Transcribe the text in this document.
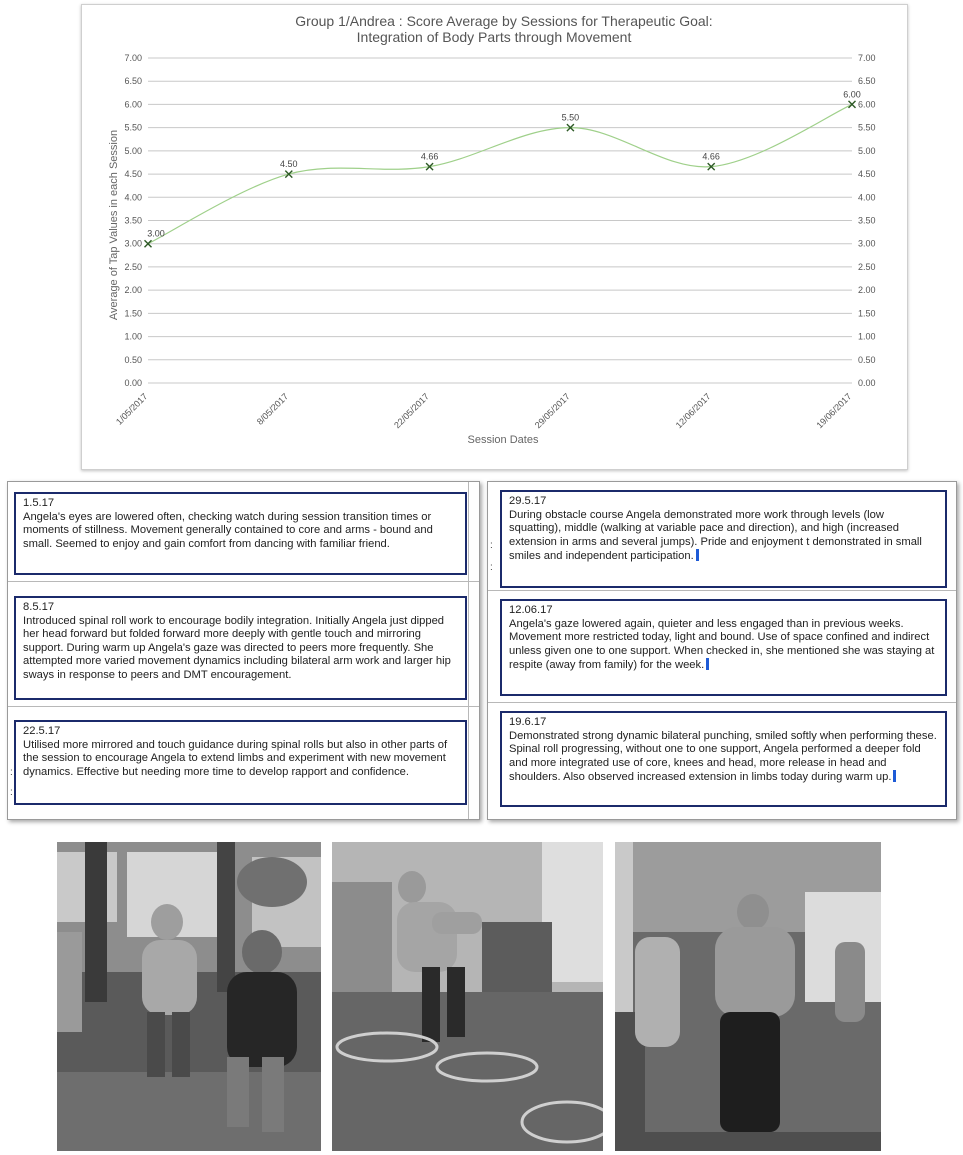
Group 1/Andrea : Score Average by Sessions for Therapeutic Goal:
Integration of Body Parts through Movement
0.00	0.00
0.50	0.50
1.00	1.00
1.50	1.50
2.00	2.00
2.50	2.50
3.00	3.00
3.50	3.50
4.00	4.00
4.50	4.50
5.00	5.00
5.50	5.50
6.00	6.00
6.50	6.50
7.00	7.00
1/05/2017	8/05/2017	22/05/2017	29/05/2017	12/06/2017	19/06/2017
3.00
4.50
4.66
5.50
4.66
6.00
Session Dates
Average of Tap Values in each Session
1.5.17
Angela's eyes are lowered often, checking watch during session transition times or moments of stillness. Movement generally contained to core and arms - bound and small. Seemed to enjoy and gain comfort from dancing with familiar friend.
8.5.17
Introduced spinal roll work to encourage bodily integration. Initially Angela just dipped her head forward but folded forward more deeply with gentle touch and mirroring support. During warm up Angela's gaze was directed to peers more frequently. She attempted more varied movement dynamics including bilateral arm work and larger hip sways in response to peers and DMT encouragement.
22.5.17
Utilised more mirrored and touch guidance during spinal rolls but also in other parts of the session to encourage Angela to extend limbs and experiment with new movement dynamics. Effective but needing more time to develop rapport and confidence.
:
:
29.5.17
During obstacle course Angela demonstrated more work through levels (low squatting), middle (walking at variable pace and direction), and high (increased extension in arms and several jumps). Pride and enjoyment t demonstrated in small smiles and independent participation.
12.06.17
Angela's gaze lowered again, quieter and less engaged than in previous weeks. Movement more restricted today, light and bound. Use of space confined and indirect unless given one to one support. When checked in, she mentioned she was staying at respite (away from family) for the week.
19.6.17
Demonstrated strong dynamic bilateral punching, smiled softly when performing these. Spinal roll progressing, without one to one support, Angela performed a deeper fold and more integrated use of core, knees and head, more release in head and shoulders. Also observed increased extension in limbs today during warm up.
:
:
